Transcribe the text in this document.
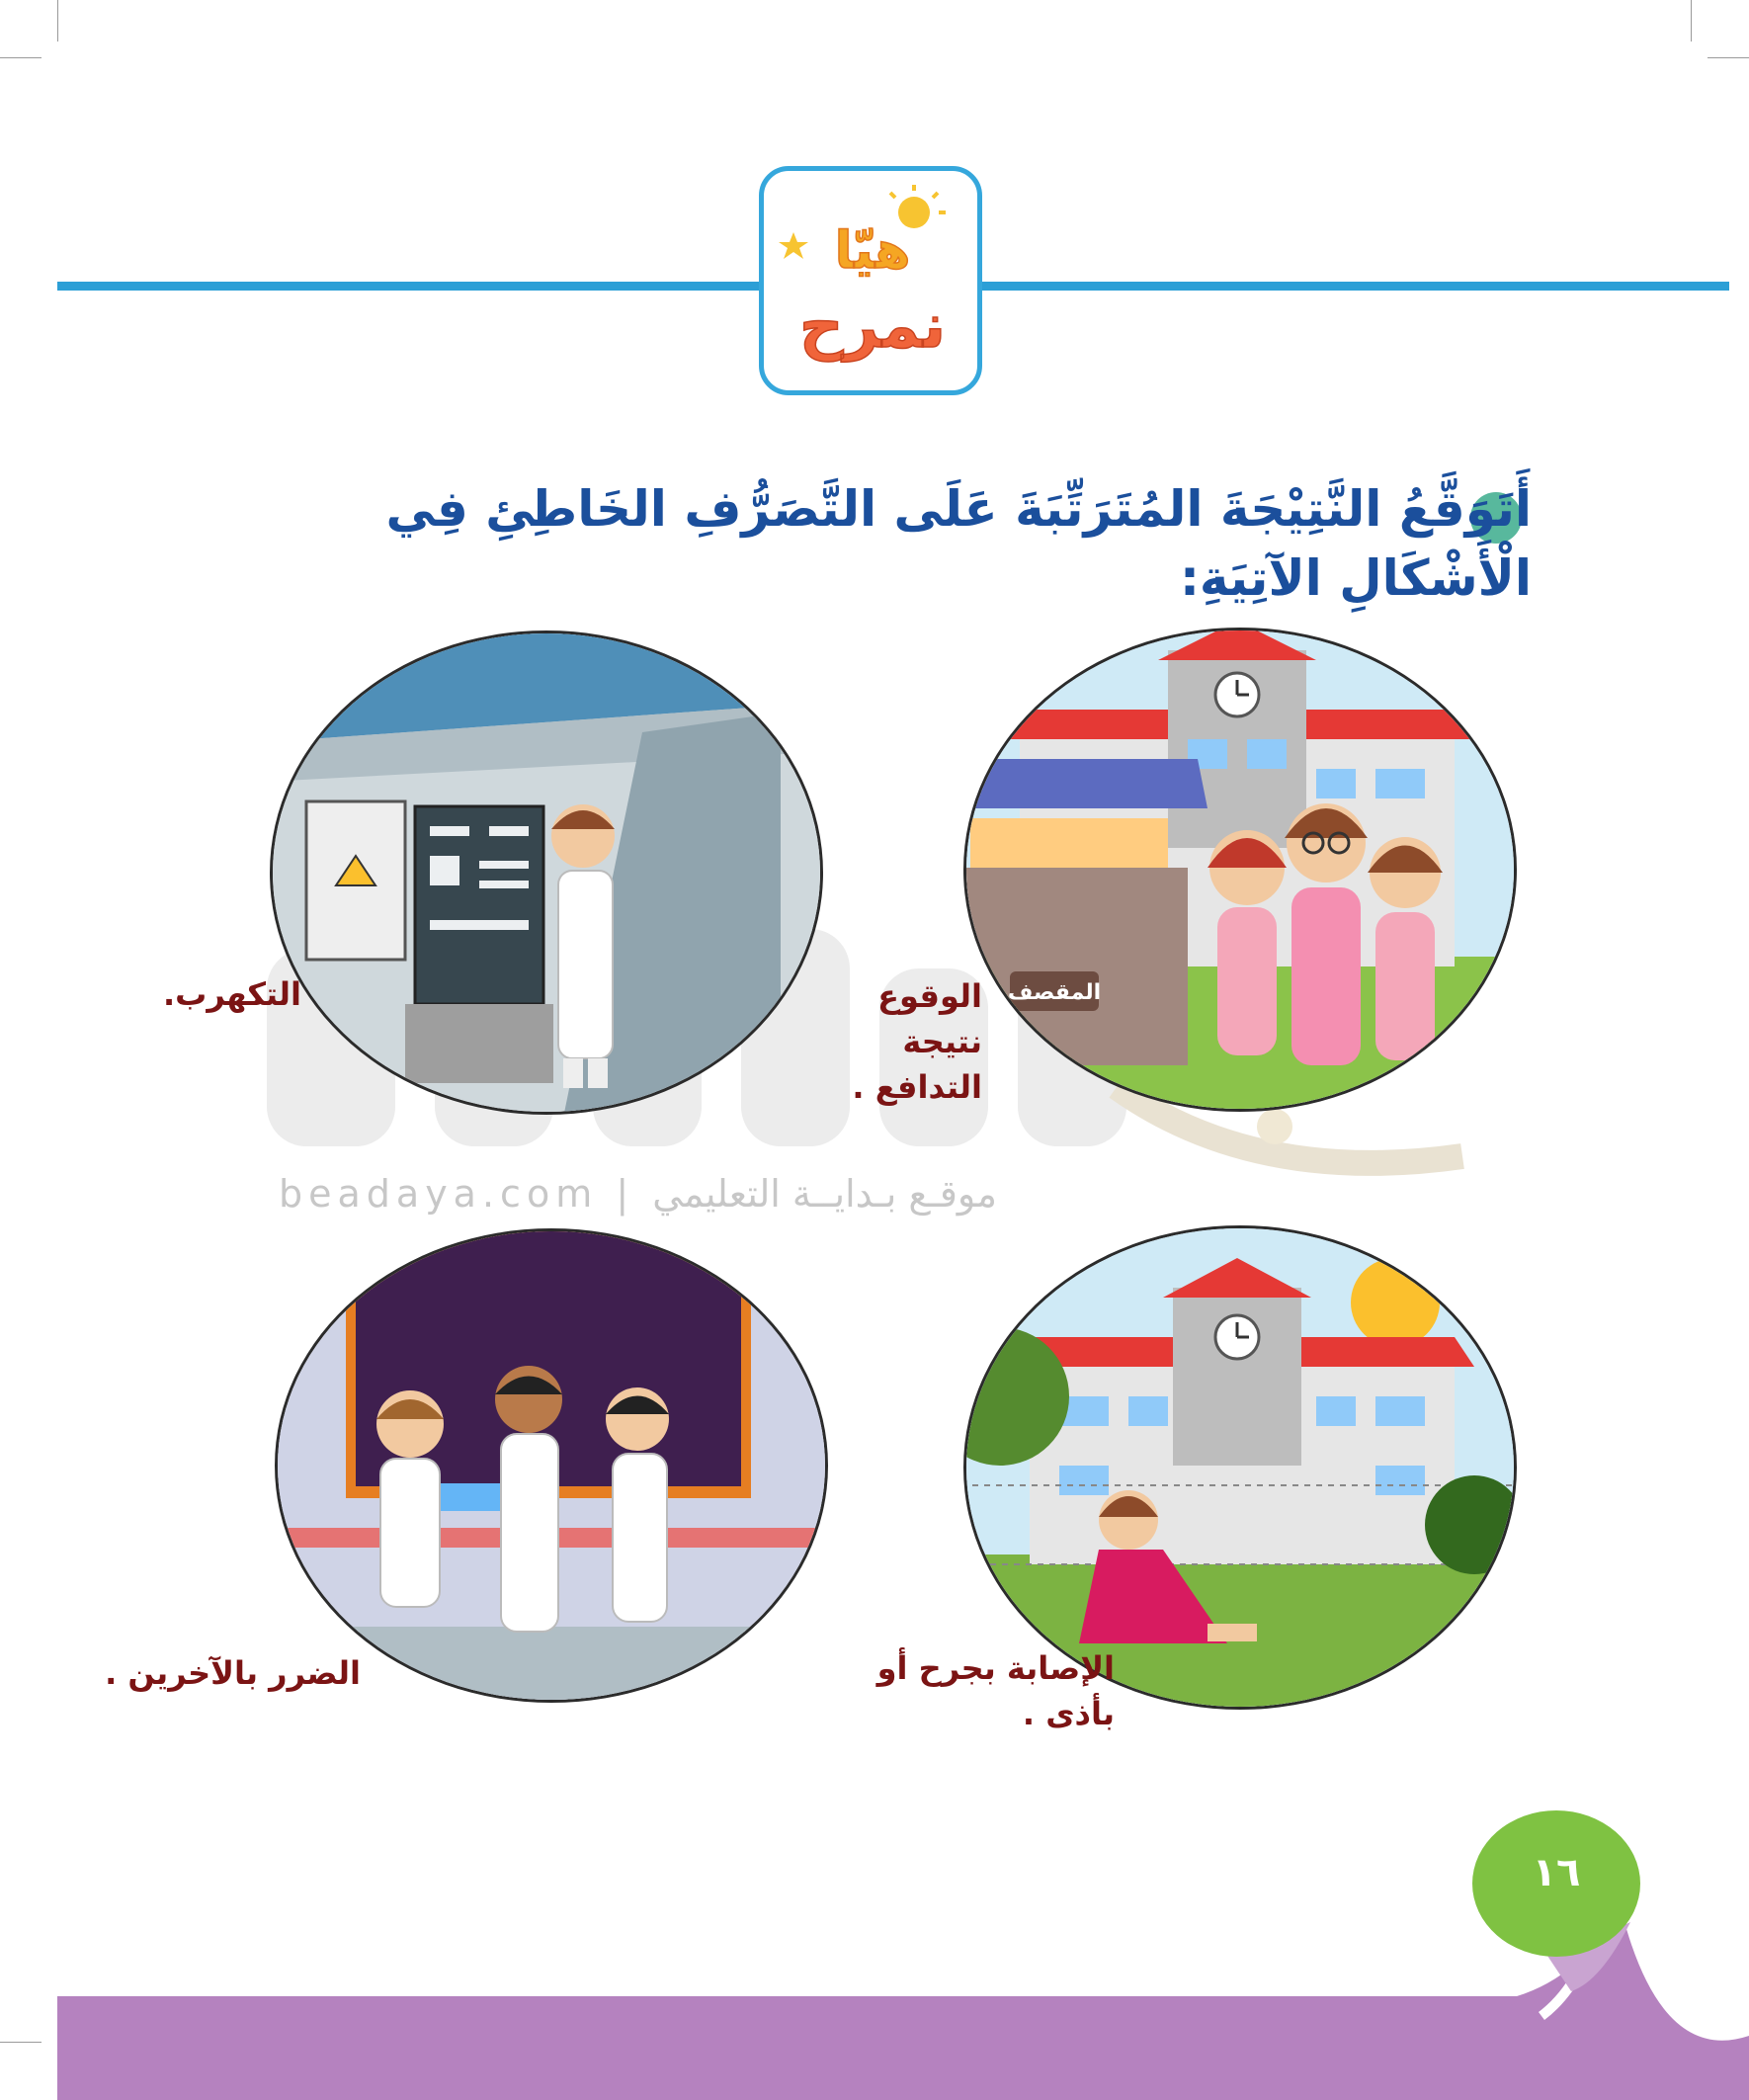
هيّا
نمرح
أَتَوَقَّعُ النَّتِيْجَةَ المُتَرَتِّبَةَ عَلَى التَّصَرُّفِ الخَاطِئِ فِي الْأَشْكَالِ الآتِيَةِ:
beadaya.com | موقـع بـدايــة التعليمي
المقصف
الوقوع نتيجة التدافع .
التكهرب.
الإصابة بجرح أو بأذى .
الضرر بالآخرين .
١٦
